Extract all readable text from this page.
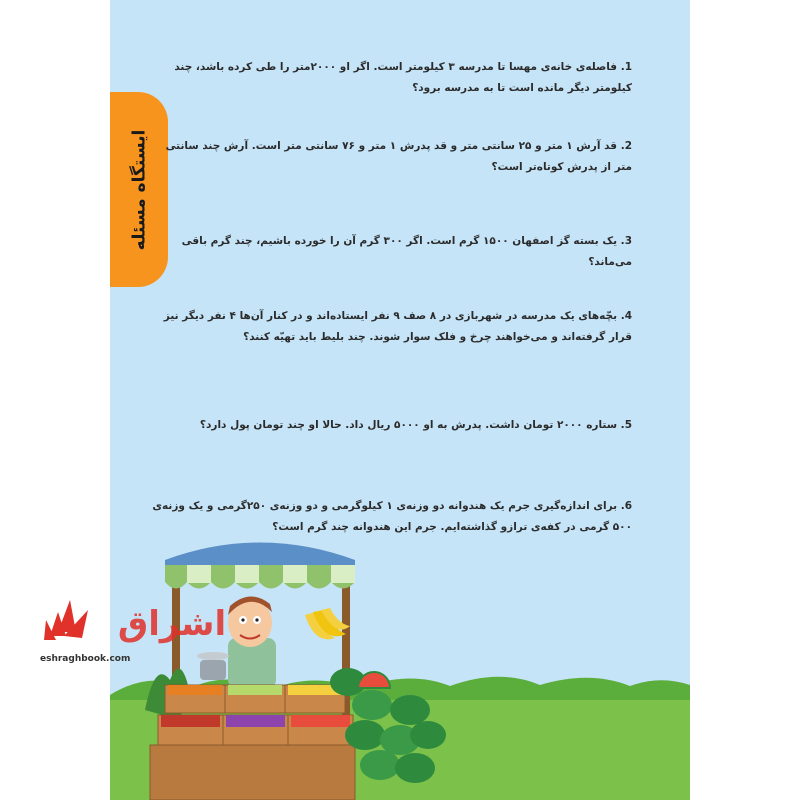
ایستگاه مسئله
1. فاصله‌ی خانه‌ی مهسا تا مدرسه ۳ کیلومتر است. اگر او ۲۰۰۰متر را طی کرده باشد، چند کیلومتر دیگر مانده است تا به مدرسه برود؟
2. قد آرش ۱ متر و ۲۵ سانتی متر و قد پدرش ۱ متر و ۷۶ سانتی متر است. آرش چند سانتی متر از پدرش کوتاه‌تر است؟
3. یک بسته گز اصفهان ۱۵۰۰ گرم است. اگر ۳۰۰ گرم آن را خورده باشیم، چند گرم باقی می‌ماند؟
4. بچّه‌های یک مدرسه در شهربازی در ۸ صف ۹ نفر ایستاده‌اند و در کنار آن‌ها ۴ نفر دیگر نیز قرار گرفته‌اند و می‌خواهند چرخ و فلک سوار شوند. چند بلیط باید تهیّه کنند؟
5. ستاره ۲۰۰۰ تومان داشت. پدرش به او ۵۰۰۰ ریال داد. حالا او چند تومان پول دارد؟
6. برای اندازه‌گیری جرم یک هندوانه دو وزنه‌ی ۱ کیلوگرمی و دو وزنه‌ی ۲۵۰گرمی و یک وزنه‌ی ۵۰۰ گرمی در کفه‌ی ترازو گذاشته‌ایم. جرم این هندوانه چند گرم است؟
اشراق
eshraghbook.com
